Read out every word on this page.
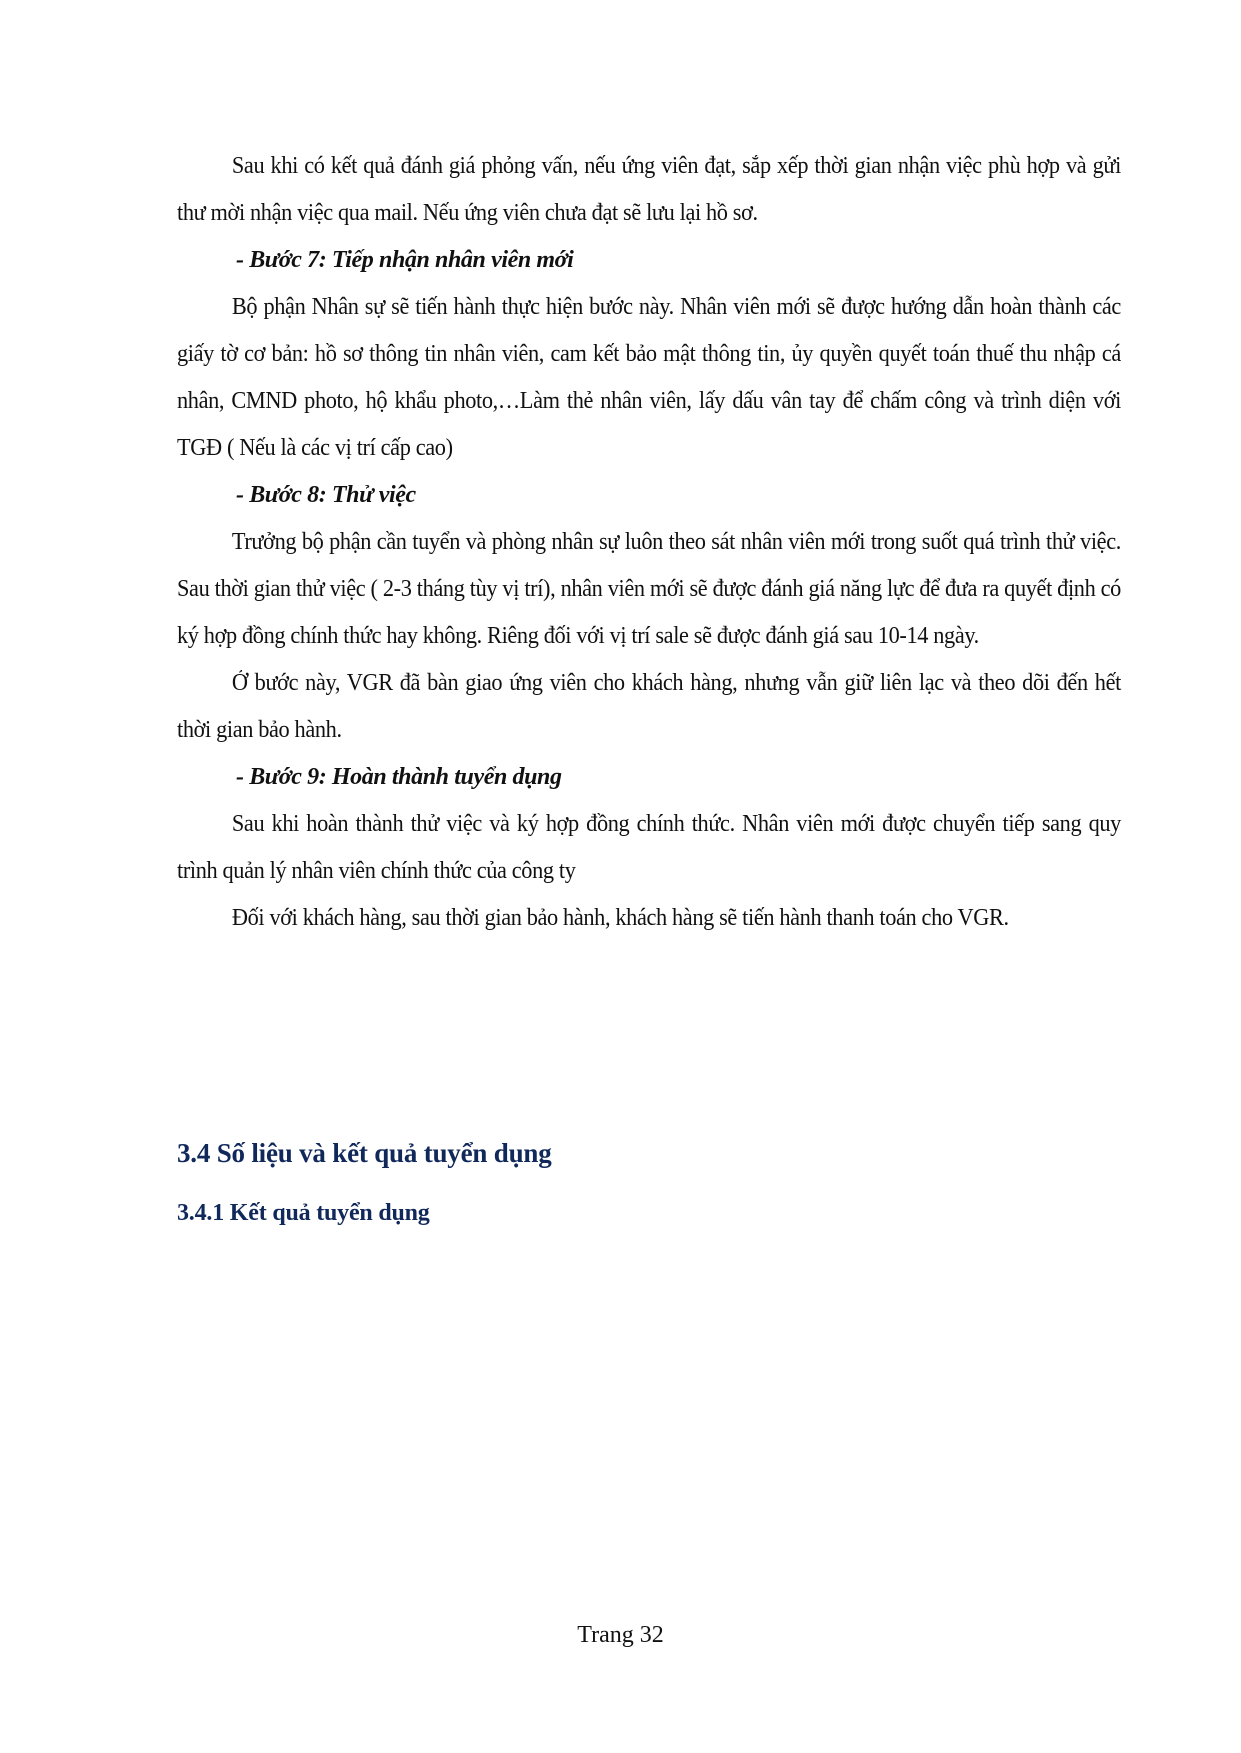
Sau khi có kết quả đánh giá phỏng vấn, nếu ứng viên đạt, sắp xếp thời gian nhận việc phù hợp và gửi thư mời nhận việc qua mail. Nếu ứng viên chưa đạt sẽ lưu lại hồ sơ.

- Bước 7: Tiếp nhận nhân viên mới

Bộ phận Nhân sự sẽ tiến hành thực hiện bước này. Nhân viên mới sẽ được hướng dẫn hoàn thành các giấy tờ cơ bản: hồ sơ thông tin nhân viên, cam kết bảo mật thông tin, ủy quyền quyết toán thuế thu nhập cá nhân, CMND photo, hộ khẩu photo,…Làm thẻ nhân viên, lấy dấu vân tay để chấm công và trình diện với TGĐ ( Nếu là các vị trí cấp cao)

- Bước 8: Thử việc

Trưởng bộ phận cần tuyển và phòng nhân sự luôn theo sát nhân viên mới trong suốt quá trình thử việc. Sau thời gian thử việc ( 2-3 tháng tùy vị trí), nhân viên mới sẽ được đánh giá năng lực để đưa ra quyết định có ký hợp đồng chính thức hay không. Riêng đối với vị trí sale sẽ được đánh giá sau 10-14 ngày.

Ở bước này, VGR đã bàn giao ứng viên cho khách hàng, nhưng vẫn giữ liên lạc và theo dõi đến hết thời gian bảo hành.

- Bước 9: Hoàn thành tuyển dụng

Sau khi hoàn thành thử việc và ký hợp đồng chính thức. Nhân viên mới được chuyển tiếp sang quy trình quản lý nhân viên chính thức của công ty

Đối với khách hàng, sau thời gian bảo hành, khách hàng sẽ tiến hành thanh toán cho VGR.

3.4 Số liệu và kết quả tuyển dụng
3.4.1 Kết quả tuyển dụng
Trang 32
